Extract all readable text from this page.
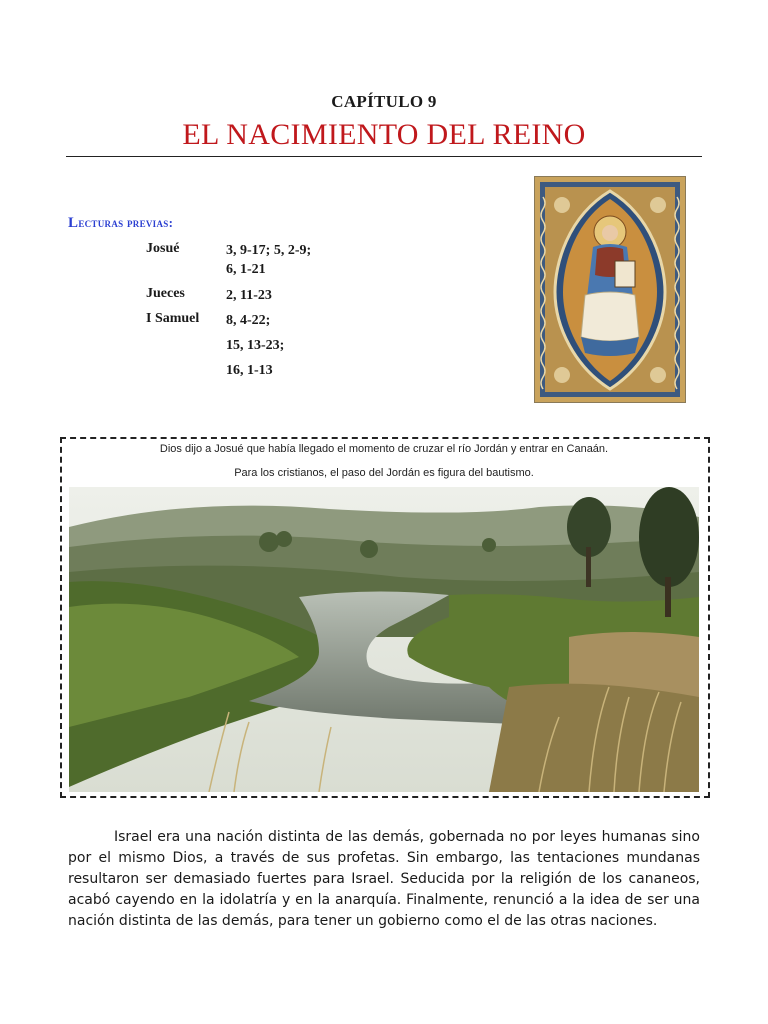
CAPÍTULO 9
EL NACIMIENTO DEL REINO
Lecturas previas:
Josué	3, 9-17; 5, 2-9;
6, 1-21
Jueces	2, 11-23
I Samuel 8, 4-22;
15, 13-23;
16, 1-13
Dios dijo a Josué que había llegado el momento de cruzar el río Jordán y entrar en Canaán.
Para los cristianos, el paso del Jordán es figura del bautismo.

Israel era una nación distinta de las demás, gobernada no por leyes humanas sino por el mismo Dios, a través de sus profetas. Sin embargo, las tentaciones mundanas resultaron ser demasiado fuertes para Israel. Seducida por la religión de los cananeos, acabó cayendo en la idolatría y en la anarquía. Finalmente, renunció a la idea de ser una nación distinta de las demás, para tener un gobierno como el de las otras naciones.
